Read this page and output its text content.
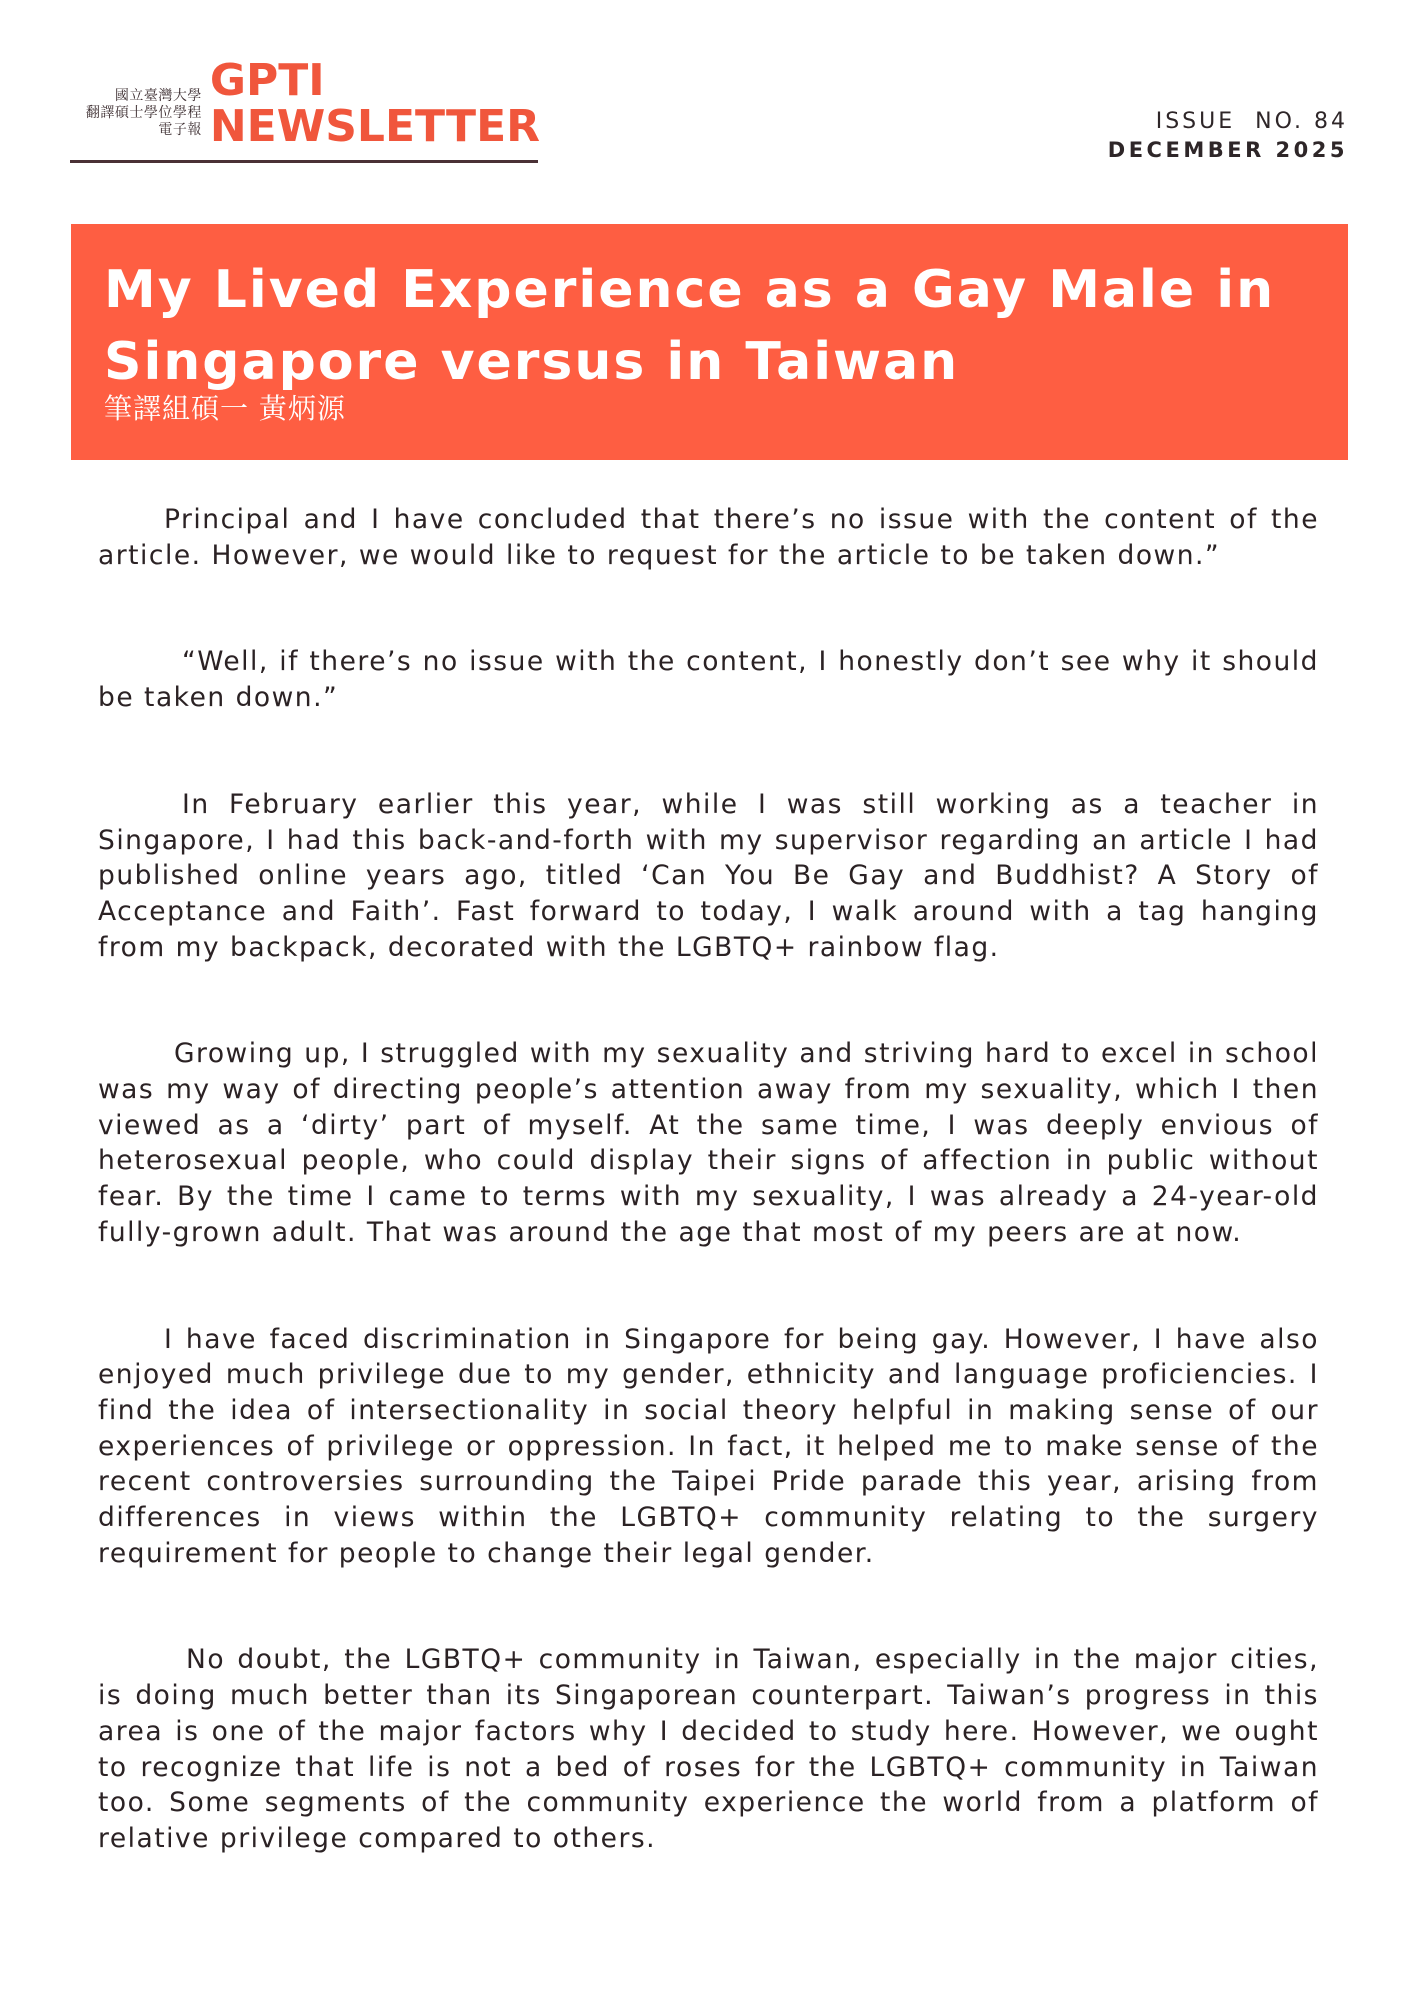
國立臺灣大學
翻譯碩士學位學程
電子報
GPTI
NEWSLETTER	ISSUE  NO. 84
DECEMBER 2025
My Lived Experience as a Gay Male in Singapore versus in Taiwan
筆譯組碩一 黃炳源

Principal and I have concluded that there’s no issue with the content of the article. However, we would like to request for the article to be taken down.”

“Well, if there’s no issue with the content, I honestly don’t see why it should be taken down.”

In February earlier this year, while I was still working as a teacher in Singapore, I had this back-and-forth with my supervisor regarding an article I had published online years ago, titled ‘Can You Be Gay and Buddhist? A Story of Acceptance and Faith’. Fast forward to today, I walk around with a tag hanging from my backpack, decorated with the LGBTQ+ rainbow flag.

Growing up, I struggled with my sexuality and striving hard to excel in school was my way of directing people’s attention away from my sexuality, which I then viewed as a ‘dirty’ part of myself. At the same time, I was deeply envious of heterosexual people, who could display their signs of affection in public without fear. By the time I came to terms with my sexuality, I was already a 24-year-old fully-grown adult. That was around the age that most of my peers are at now.

I have faced discrimination in Singapore for being gay. However, I have also enjoyed much privilege due to my gender, ethnicity and language proficiencies. I find the idea of intersectionality in social theory helpful in making sense of our experiences of privilege or oppression. In fact, it helped me to make sense of the recent controversies surrounding the Taipei Pride parade this year, arising from differences in views within the LGBTQ+ community relating to the surgery requirement for people to change their legal gender.

No doubt, the LGBTQ+ community in Taiwan, especially in the major cities, is doing much better than its Singaporean counterpart. Taiwan’s progress in this area is one of the major factors why I decided to study here. However, we ought to recognize that life is not a bed of roses for the LGBTQ+ community in Taiwan too. Some segments of the community experience the world from a platform of relative privilege compared to others.
